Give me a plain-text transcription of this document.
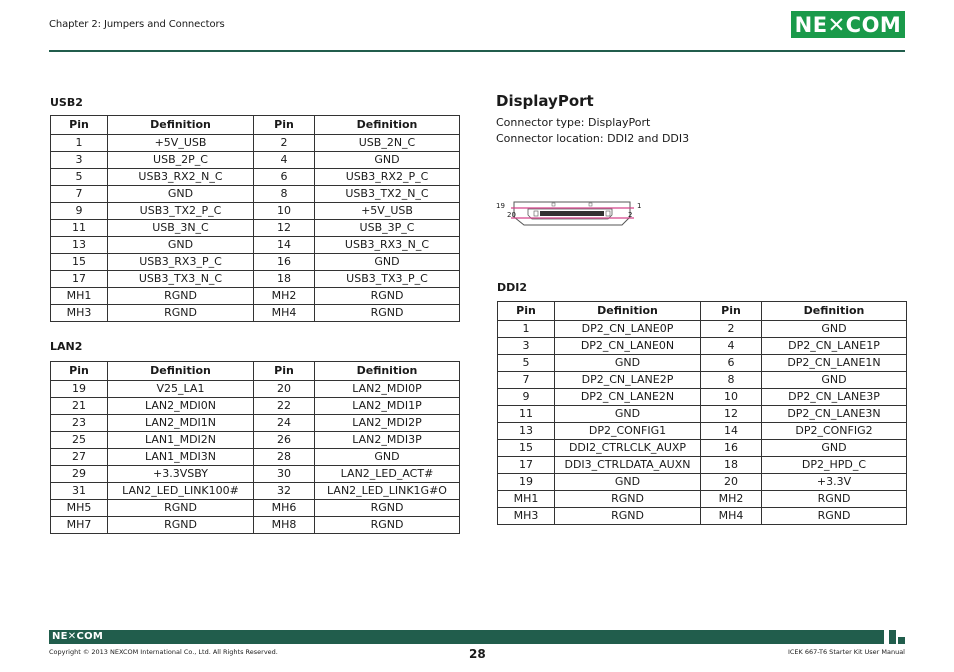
Chapter 2: Jumpers and Connectors	NE✕COM
USB2
Pin	Definition	Pin	Definition
1	+5V_USB	2	USB_2N_C
3	USB_2P_C	4	GND
5	USB3_RX2_N_C	6	USB3_RX2_P_C
7	GND	8	USB3_TX2_N_C
9	USB3_TX2_P_C	10	+5V_USB
11	USB_3N_C	12	USB_3P_C
13	GND	14	USB3_RX3_N_C
15	USB3_RX3_P_C	16	GND
17	USB3_TX3_N_C	18	USB3_TX3_P_C
MH1	RGND	MH2	RGND
MH3	RGND	MH4	RGND
LAN2
Pin	Definition	Pin	Definition
19	V25_LA1	20	LAN2_MDI0P
21	LAN2_MDI0N	22	LAN2_MDI1P
23	LAN2_MDI1N	24	LAN2_MDI2P
25	LAN1_MDI2N	26	LAN2_MDI3P
27	LAN1_MDI3N	28	GND
29	+3.3VSBY	30	LAN2_LED_ACT#
31	LAN2_LED_LINK100#	32	LAN2_LED_LINK1G#O
MH5	RGND	MH6	RGND
MH7	RGND	MH8	RGND
DisplayPort
Connector type: DisplayPort
Connector location: DDI2 and DDI3
19
20
1
2
DDI2
Pin	Definition	Pin	Definition
1	DP2_CN_LANE0P	2	GND
3	DP2_CN_LANE0N	4	DP2_CN_LANE1P
5	GND	6	DP2_CN_LANE1N
7	DP2_CN_LANE2P	8	GND
9	DP2_CN_LANE2N	10	DP2_CN_LANE3P
11	GND	12	DP2_CN_LANE3N
13	DP2_CONFIG1	14	DP2_CONFIG2
15	DDI2_CTRLCLK_AUXP	16	GND
17	DDI3_CTRLDATA_AUXN	18	DP2_HPD_C
19	GND	20	+3.3V
MH1	RGND	MH2	RGND
MH3	RGND	MH4	RGND
NE✕COM
Copyright © 2013 NEXCOM International Co., Ltd. All Rights Reserved.	28	ICEK 667-T6 Starter Kit User Manual
